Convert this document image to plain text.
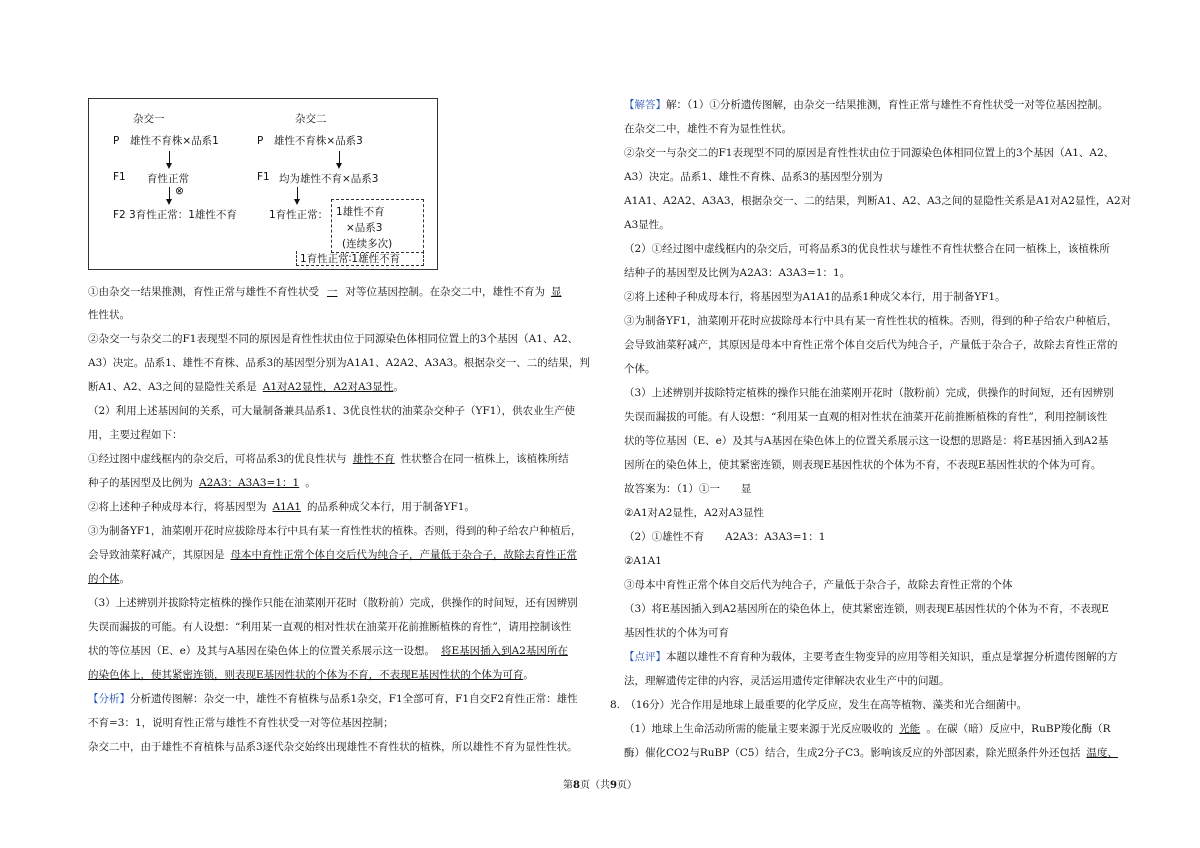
杂交一	杂交二
P　雄性不育株×品系1	P　雄性不育株×品系3
F1 育性正常	F1 均为雄性不育×品系3
⊗
F2 3育性正常：1雄性不育	1育性正常： 1雄性不育
×品系3
(连续多次)
1育性正常∶1雄性不育
①由杂交一结果推测，育性正常与雄性不育性状受 一 对等位基因控制。在杂交二中，雄性不育为 显
性性状。
②杂交一与杂交二的F1表现型不同的原因是育性性状由位于同源染色体相同位置上的3个基因（A1、A2、
A3）决定。品系1、雄性不育株、品系3的基因型分别为A1A1、A2A2、A3A3。根据杂交一、二的结果，判
断A1、A2、A3之间的显隐性关系是 A1对A2显性，A2对A3显性。
（2）利用上述基因间的关系，可大量制备兼具品系1、3优良性状的油菜杂交种子（YF1），供农业生产使
用，主要过程如下：
①经过图中虚线框内的杂交后，可将品系3的优良性状与 雄性不育 性状整合在同一植株上，该植株所结
种子的基因型及比例为 A2A3：A3A3=1：1 。
②将上述种子种成母本行，将基因型为 A1A1 的品系种成父本行，用于制备YF1。
③为制备YF1，油菜刚开花时应拔除母本行中具有某一育性性状的植株。否则，得到的种子给农户种植后，
会导致油菜籽减产，其原因是 母本中育性正常个体自交后代为纯合子，产量低于杂合子，故除去育性正常
的个体。
（3）上述辨别并拔除特定植株的操作只能在油菜刚开花时（散粉前）完成，供操作的时间短，还有因辨别
失误而漏拔的可能。有人设想：“利用某一直观的相对性状在油菜开花前推断植株的育性”，请用控制该性
状的等位基因（E、e）及其与A基因在染色体上的位置关系展示这一设想。 将E基因插入到A2基因所在
的染色体上，使其紧密连锁，则表现E基因性状的个体为不育，不表现E基因性状的个体为可育。
【分析】分析遗传图解：杂交一中，雄性不育植株与品系1杂交，F1全部可育，F1自交F2育性正常：雄性
不育=3：1，说明育性正常与雄性不育性状受一对等位基因控制；
杂交二中，由于雄性不育植株与品系3逐代杂交始终出现雄性不育性状的植株，所以雄性不育为显性性状。
【解答】解：（1）①分析遗传图解，由杂交一结果推测，育性正常与雄性不育性状受一对等位基因控制。
在杂交二中，雄性不育为显性性状。
②杂交一与杂交二的F1表现型不同的原因是育性性状由位于同源染色体相同位置上的3个基因（A1、A2、
A3）决定。品系1、雄性不育株、品系3的基因型分别为
A1A1、A2A2、A3A3，根据杂交一、二的结果，判断A1、A2、A3之间的显隐性关系是A1对A2显性，A2对
A3显性。
（2）①经过图中虚线框内的杂交后，可将品系3的优良性状与雄性不育性状整合在同一植株上，该植株所
结种子的基因型及比例为A2A3：A3A3=1：1。
②将上述种子种成母本行，将基因型为A1A1的品系1种成父本行，用于制备YF1。
③为制备YF1，油菜刚开花时应拔除母本行中具有某一育性性状的植株。否则，得到的种子给农户种植后，
会导致油菜籽减产，其原因是母本中育性正常个体自交后代为纯合子，产量低于杂合子，故除去育性正常的
个体。
（3）上述辨别并拔除特定植株的操作只能在油菜刚开花时（散粉前）完成，供操作的时间短，还有因辨别
失误而漏拔的可能。有人设想：“利用某一直观的相对性状在油菜开花前推断植株的育性”，利用控制该性
状的等位基因（E、e）及其与A基因在染色体上的位置关系展示这一设想的思路是：将E基因插入到A2基
因所在的染色体上，使其紧密连锁，则表现E基因性状的个体为不育，不表现E基因性状的个体为可育。
故答案为：（1）①一　　显
②A1对A2显性，A2对A3显性
（2）①雄性不育　　A2A3：A3A3=1：1
②A1A1
③母本中育性正常个体自交后代为纯合子，产量低于杂合子，故除去育性正常的个体
（3）将E基因插入到A2基因所在的染色体上，使其紧密连锁，则表现E基因性状的个体为不育，不表现E
基因性状的个体为可育
【点评】本题以雄性不育育种为载体，主要考查生物变异的应用等相关知识，重点是掌握分析遗传图解的方
法，理解遗传定律的内容，灵活运用遗传定律解决农业生产中的问题。
8.　（16分）光合作用是地球上最重要的化学反应，发生在高等植物、藻类和光合细菌中。
（1）地球上生命活动所需的能量主要来源于光反应吸收的 光能 。在碳（暗）反应中，RuBP羧化酶（R
酶）催化CO2与RuBP（C5）结合，生成2分子C3。影响该反应的外部因素，除光照条件外还包括 温度、
第8页（共9页）
